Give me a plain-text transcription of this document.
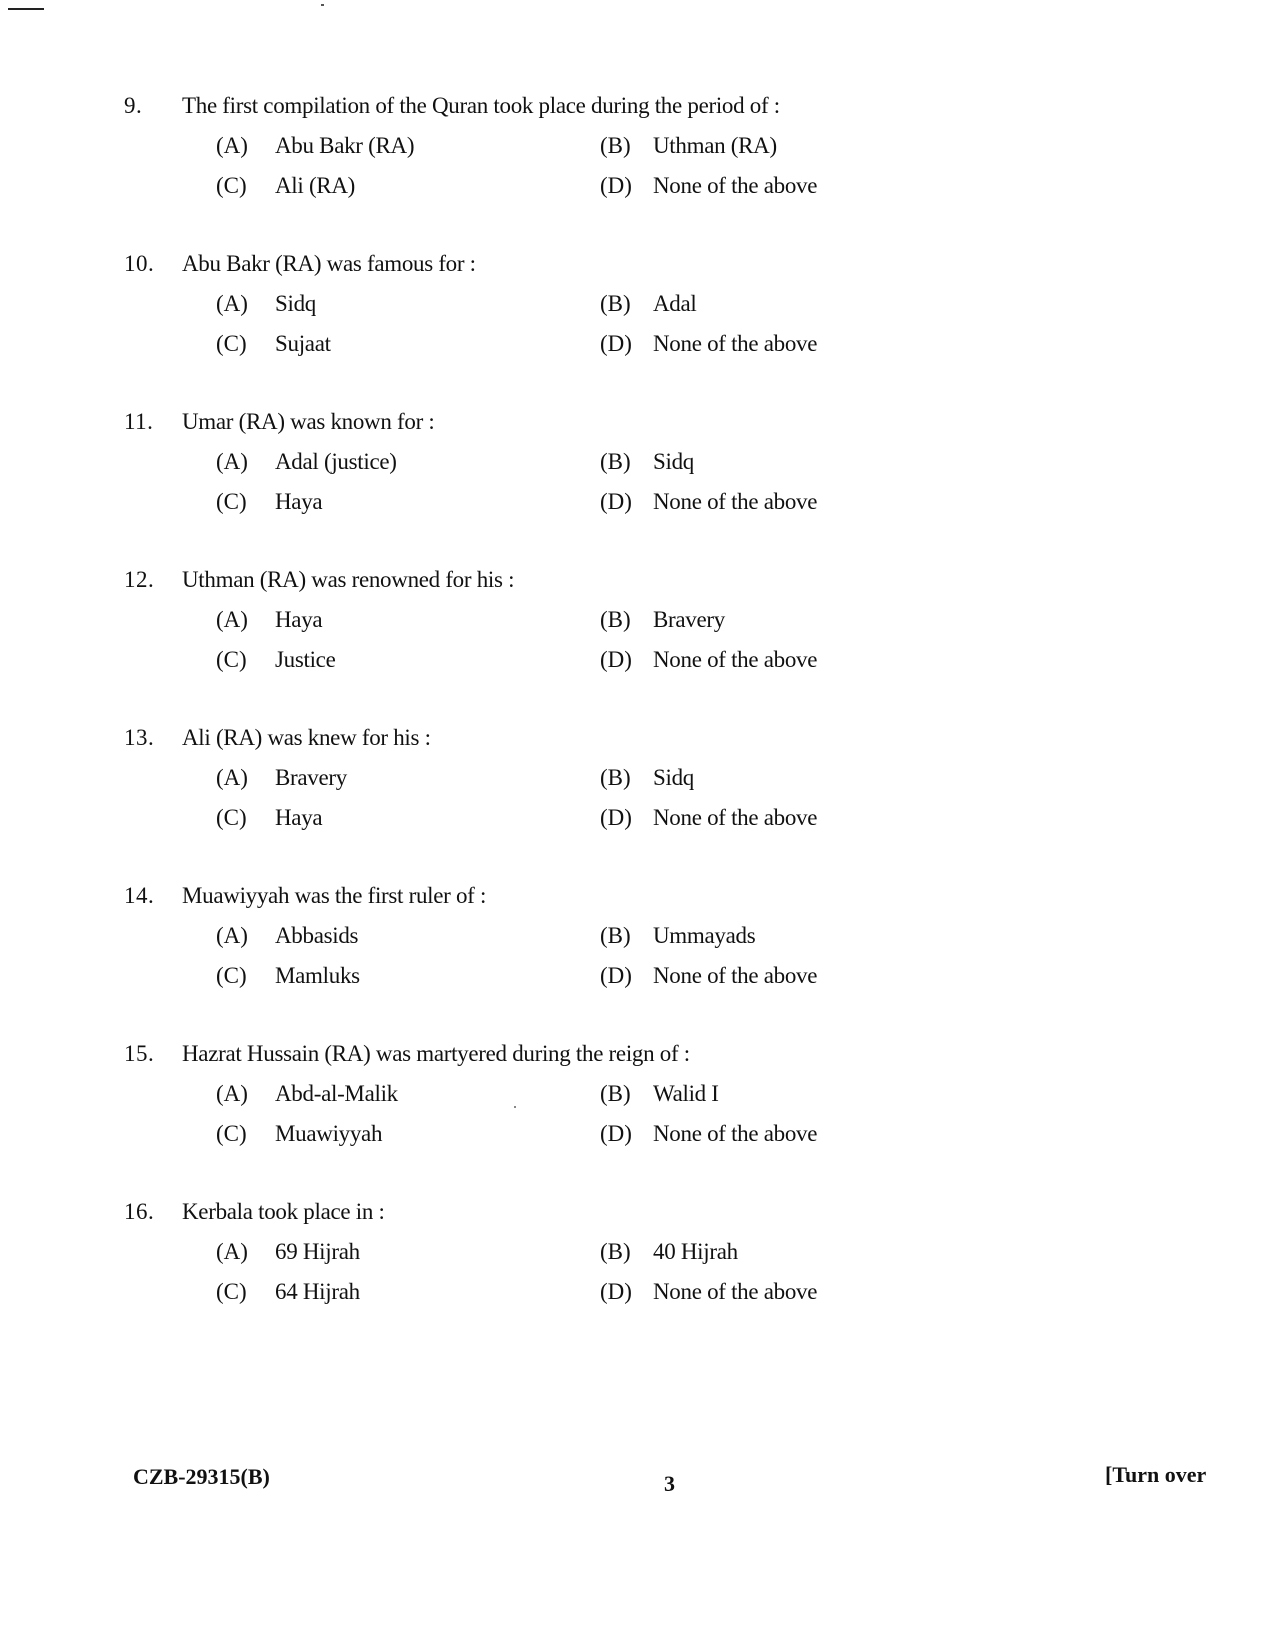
9.	The first compilation of the Quran took place during the period of :
(A) Abu Bakr (RA)	(B) Uthman (RA)
(C) Ali (RA)	(D) None of the above
10.	Abu Bakr (RA) was famous for :
(A) Sidq	(B) Adal
(C) Sujaat	(D) None of the above
11.	Umar (RA) was known for :
(A) Adal (justice)	(B) Sidq
(C) Haya	(D) None of the above
12.	Uthman (RA) was renowned for his :
(A) Haya	(B) Bravery
(C) Justice	(D) None of the above
13.	Ali (RA) was knew for his :
(A) Bravery	(B) Sidq
(C) Haya	(D) None of the above
14.	Muawiyyah was the first ruler of :
(A) Abbasids	(B) Ummayads
(C) Mamluks	(D) None of the above
15.	Hazrat Hussain (RA) was martyered during the reign of :
(A) Abd-al-Malik	(B) Walid I
(C) Muawiyyah	(D) None of the above
16.	Kerbala took place in :
(A) 69 Hijrah	(B) 40 Hijrah
(C) 64 Hijrah	(D) None of the above
CZB-29315(B)	3	[Turn over
